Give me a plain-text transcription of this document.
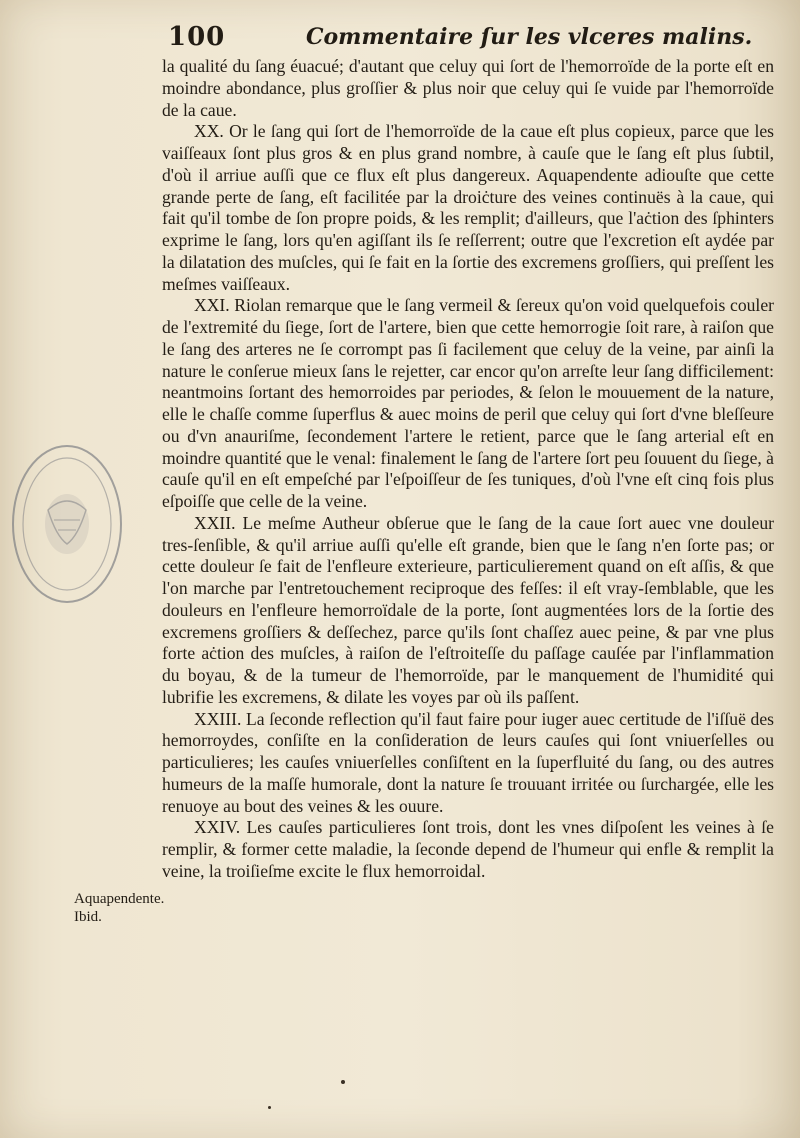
100	Commentaire ſur les vlceres malins.

la qualité du ſang éuacué; d'autant que celuy qui ſort de l'hemorroïde de la porte eſt en moindre abondance, plus groſſier & plus noir que celuy qui ſe vuide par l'hemorroïde de la caue.

XX. Or le ſang qui ſort de l'hemorroïde de la caue eſt plus copieux, parce que les vaiſſeaux ſont plus gros & en plus grand nombre, à cauſe que le ſang eſt plus ſubtil, d'où il arriue auſſi que ce flux eſt plus dangereux. Aquapendente adiouſte que cette grande perte de ſang, eſt facilitée par la droiċture des veines continuës à la caue, qui fait qu'il tombe de ſon propre poids, & les remplit; d'ailleurs, que l'aċtion des ſphinters exprime le ſang, lors qu'en agiſſant ils ſe reſſerrent; outre que l'excretion eſt aydée par la dilatation des muſcles, qui ſe fait en la ſortie des excremens groſſiers, qui preſſent les meſmes vaiſſeaux.

XXI. Riolan remarque que le ſang vermeil & ſereux qu'on void quelquefois couler de l'extremité du ſiege, ſort de l'artere, bien que cette hemorrogie ſoit rare, à raiſon que le ſang des arteres ne ſe corrompt pas ſi facilement que celuy de la veine, par ainſi la nature le conſerue mieux ſans le rejetter, car encor qu'on arreſte leur ſang difficilement: neantmoins ſortant des hemorroides par periodes, & ſelon le mouuement de la nature, elle le chaſſe comme ſuperflus & auec moins de peril que celuy qui ſort d'vne bleſſeure ou d'vn anauriſme, ſecondement l'artere le retient, parce que le ſang arterial eſt en moindre quantité que le venal: finalement le ſang de l'artere ſort peu ſouuent du ſiege, à cauſe qu'il en eſt empeſché par l'eſpoiſſeur de ſes tuniques, d'où l'vne eſt cinq fois plus eſpoiſſe que celle de la veine.

XXII. Le meſme Autheur obſerue que le ſang de la caue ſort auec vne douleur tres-ſenſible, & qu'il arriue auſſi qu'elle eſt grande, bien que le ſang n'en ſorte pas; or cette douleur ſe fait de l'enfleure exterieure, particulierement quand on eſt aſſis, & que l'on marche par l'entretouchement reciproque des feſſes: il eſt vray-ſemblable, que les douleurs en l'enfleure hemorroïdale de la porte, ſont augmentées lors de la ſortie des excremens groſſiers & deſſechez, parce qu'ils ſont chaſſez auec peine, & par vne plus forte aċtion des muſcles, à raiſon de l'eſtroiteſſe du paſſage cauſée par l'inflammation du boyau, & de la tumeur de l'hemorroïde, par le manquement de l'humidité qui lubrifie les excremens, & dilate les voyes par où ils paſſent.

XXIII. La ſeconde reflection qu'il faut faire pour iuger auec certitude de l'iſſuë des hemorroydes, conſiſte en la conſideration de leurs cauſes qui ſont vniuerſelles ou particulieres; les cauſes vniuerſelles conſiſtent en la ſuperfluité du ſang, ou des autres humeurs de la maſſe humorale, dont la nature ſe trouuant irritée ou ſurchargée, elle les renuoye au bout des veines & les ouure.

XXIV. Les cauſes particulieres ſont trois, dont les vnes diſpoſent les veines à ſe remplir, & former cette maladie, la ſeconde depend de l'humeur qui enfle & remplit la veine, la troiſieſme excite le flux hemorroidal.

Aquapendente. Ibid.
